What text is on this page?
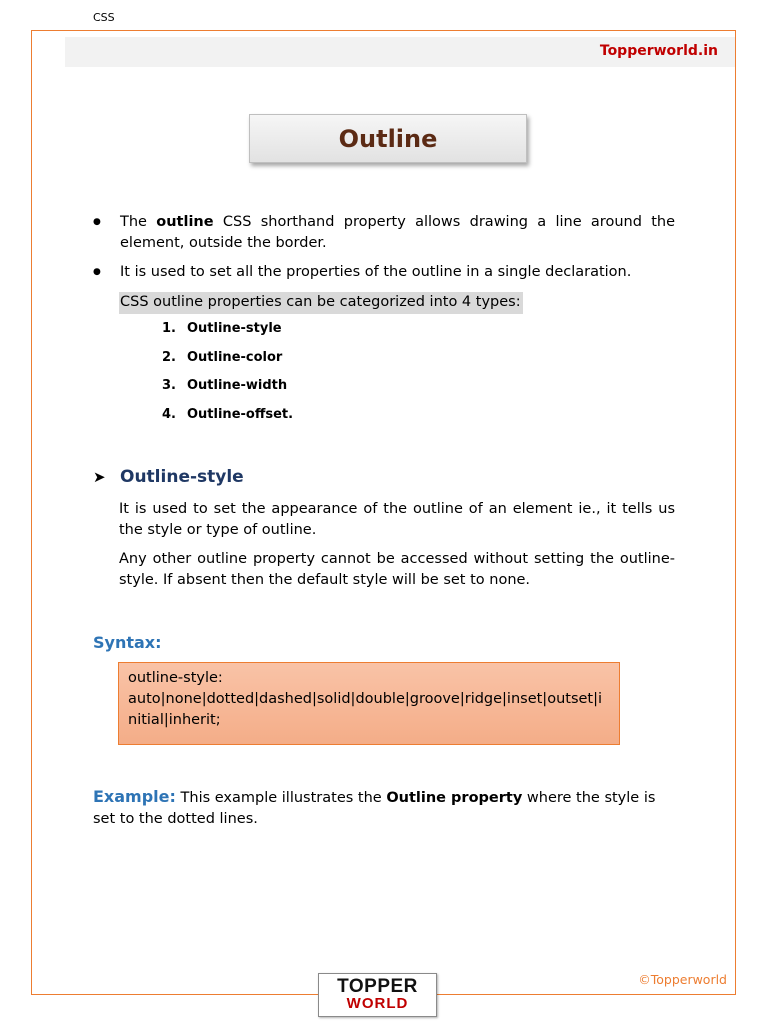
CSS
Topperworld.in
Outline
● The outline CSS shorthand property allows drawing a line around the element, outside the border.
● It is used to set all the properties of the outline in a single declaration.
CSS outline properties can be categorized into 4 types:
1. Outline-style
2. Outline-color
3. Outline-width
4. Outline-offset.
➤ Outline-style
It is used to set the appearance of the outline of an element ie., it tells us the style or type of outline.
Any other outline property cannot be accessed without setting the outline-style. If absent then the default style will be set to none.
Syntax:
outline-style:
auto|none|dotted|dashed|solid|double|groove|ridge|inset|outset|initial|inherit;
Example: This example illustrates the Outline property where the style is set to the dotted lines.
©Topperworld
TOPPER
WORLD
